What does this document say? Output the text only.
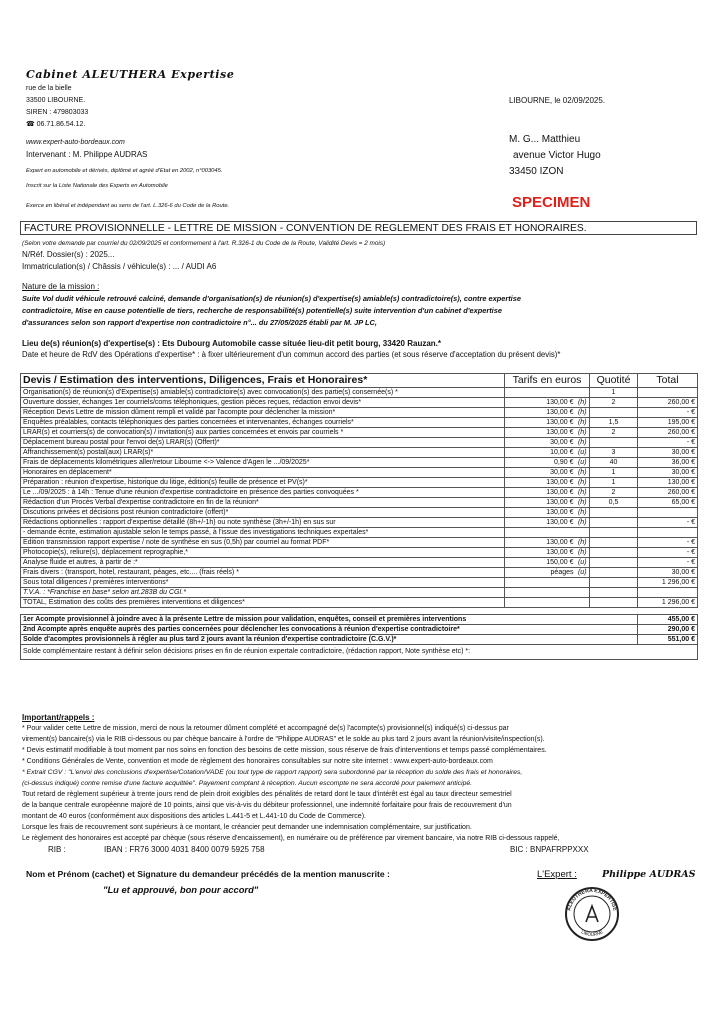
Cabinet ALEUTHERA Expertise
rue de la bielle
33500 LIBOURNE.
SIREN : 479803033
☎ 06.71.86.54.12.
www.expert-auto-bordeaux.com
Intervenant : M. Philippe AUDRAS
Expert en automobile et dérivés, diplômé et agréé d'Etat en 2002, n°003045.
Inscrit sur la Liste Nationale des Experts en Automobile
Exerce en libéral et indépendant au sens de l'art. L.326-6 du Code de la Route.
LIBOURNE, le 02/09/2025.
M. G... Matthieu
avenue Victor Hugo
33450 IZON
SPECIMEN
FACTURE PROVISIONNELLE - LETTRE DE MISSION - CONVENTION DE REGLEMENT DES FRAIS ET HONORAIRES.
(Selon votre demande par courriel du 02/09/2025 et conformement à l'art. R.326-1 du Code de la Route, Validité Devis = 2 mois)
N/Réf. Dossier(s) : 2025...
Immatriculation(s) / Châssis / véhicule(s) : ... / AUDI A6
Nature de la mission :
Suite Vol dudit véhicule retrouvé calciné, demande d'organisation(s) de réunion(s) d'expertise(s) amiable(s) contradictoire(s), contre expertise
contradictoire, Mise en cause potentielle de tiers, recherche de responsabilité(s) potentielle(s) suite intervention d'un cabinet d'expertise
d'assurances selon son rapport d'expertise non contradictoire n°... du 27/05/2025 établi par M. JP LC,
Lieu de(s) réunion(s) d'expertise(s) : Ets Dubourg Automobile casse située lieu-dit petit bourg, 33420 Rauzan.*
Date et heure de RdV des Opérations d'expertise* : à fixer ultérieurement d'un commun accord des parties (et sous réserve d'acceptation du présent devis)*
Devis / Estimation des interventions, Diligences, Frais et Honoraires*	Tarifs en euros		Quotité	Total
Organisation(s) de réunion(s) d'Expertise(s) amiable(s) contradictoire(s) avec convocation(s) des partie(s) consernée(s) *			1	
Ouverture dossier, échanges 1er courriels/coms téléphoniques, gestion pièces reçues, rédaction envoi devis*	130,00 €	(h)	2	260,00 €
Réception Devis Lettre de mission dûment rempli et validé par l'acompte pour déclencher la mission*	130,00 €	(h)		- €
Enquêtes préalables, contacts téléphoniques des parties concernées et intervenantes, échanges courriels*	130,00 €	(h)	1,5	195,00 €
LRAR(s) et courriers(s) de convocation(s) / invitation(s) aux parties concernées et envois par courriels *	130,00 €	(h)	2	260,00 €
Déplacement bureau postal pour l'envoi de(s) LRAR(s) (Offert)*	30,00 €	(h)		- €
Affranchissement(s) postal(aux) LRAR(s)*	10,00 €	(u)	3	30,00 €
Frais de déplacements kilométriques aller/retour Libourne <-> Valence d'Agen le .../09/2025*	0,90 €	(u)	40	36,00 €
Honoraires en déplacement*	30,00 €	(h)	1	30,00 €
Préparation : réunion d'expertise, historique du litige, édition(s) feuille de présence et PV(s)*	130,00 €	(h)	1	130,00 €
Le .../09/2025 : à 14h : Tenue d'une réunion d'expertise contradictoire en présence des parties convoquées *	130,00 €	(h)	2	260,00 €
Rédaction d'un Procès Verbal d'expertise contradictoire en fin de la réunion*	130,00 €	(h)	0,5	65,00 €
Discutions privées et décisions post réunion contradictoire (offert)*	130,00 €	(h)		
Rédactions optionnelles : rapport d'expertise détaillé (8h+/-1h) ou note synthèse (3h+/-1h) en sus sur	130,00 €	(h)		- €
- demande écrite, estimation ajustable selon le temps passé, à l'issue des investigations techniques expertales*				
Edition transmission rapport expertise / note de synthèse en sus (0,5h) par courriel au format PDF*	130,00 €	(h)		- €
Photocopie(s), reliure(s), déplacement reprographie,*	130,00 €	(h)		- €
Analyse fluide et autres, à partir de :*	150,00 €	(u)		- €
Frais divers : (transport, hotel, restaurant, péages, etc.... (frais réels) *	péages	(u)		30,00 €
Sous total diligences / premières interventions*				1 296,00 €
T.V.A. : *Franchise en base* selon art.283B du CGI.*				
TOTAL, Estimation des coûts des premières interventions et diligences*				1 296,00 €

1er Acompte provisionnel à joindre avec à la présente Lettre de mission pour validation, enquêtes, conseil et premières interventions				455,00 €
2nd Acompte après enquête auprès des parties concernées pour déclencher les convocations à réunion d'expertise contradictoire*				290,00 €
Solde d'acomptes provisionnels à régler au plus tard 2 jours avant la réunion d'expertise contradictoire (C.G.V.)*				551,00 €
Solde complémentaire restant à définir selon décisions prises en fin de réunion expertale contradictoire, (rédaction rapport, Note synthèse etc) *:				
Important/rappels :
* Pour valider cette Lettre de mission, merci de nous la retourner dûment complété et accompagné de(s) l'acompte(s) provisionnel(s) indiqué(s) ci-dessus par
virement(s) bancaire(s) via le RIB ci-dessous ou par chèque bancaire à l'ordre de "Philippe AUDRAS" et le solde au plus tard 2 jours avant la réunion/visite/inspection(s).
* Devis estimatif modifiable à tout moment par nos soins en fonction des besoins de cette mission, sous réserve de frais d'interventions et temps passé complémentaires.
* Conditions Générales de Vente, convention et mode de règlement des honoraires consultables sur notre site internet : www.expert-auto-bordeaux.com
* Extrait CGV : "L'envoi des conclusions d'expertise/Cotation/VADE (ou tout type de rapport rapport) sera subordonné par la réception du solde des frais et honoraires,
(ci-dessus indiqué) contre remise d'une facture acquittée". Payement comptant à réception. Aucun escompte ne sera accordé pour paiement anticipé.
Tout retard de règlement supérieur à trente jours rend de plein droit exigibles des pénalités de retard dont le taux d'intérêt est égal au taux directeur semestriel
de la banque centrale européenne majoré de 10 points, ainsi que vis-à-vis du débiteur professionnel, une indemnité forfaitaire pour frais de recouvrement d'un
montant de 40 euros (conformément aux dispositions des articles L.441-5 et L.441-10 du Code de Commerce).
Lorsque les frais de recouvrement sont supérieurs à ce montant, le créancier peut demander une indemnisation complémentaire, sur justification.
Le règlement des honoraires est accepté par chèque (sous réserve d'encaissement), en numéraire ou de préférence par virement bancaire, via notre RIB ci-dessous rappelé,
RIB :	IBAN : FR76 3000 4031 8400 0079 5925 758	BIC : BNPAFRPPXXX
Nom et Prénom (cachet) et Signature du demandeur précédés de la mention manuscrite :
"Lu et approuvé, bon pour accord"
L'Expert :	Philippe AUDRAS
ALEUTHERA EXPERTISE
LIBOURNE
